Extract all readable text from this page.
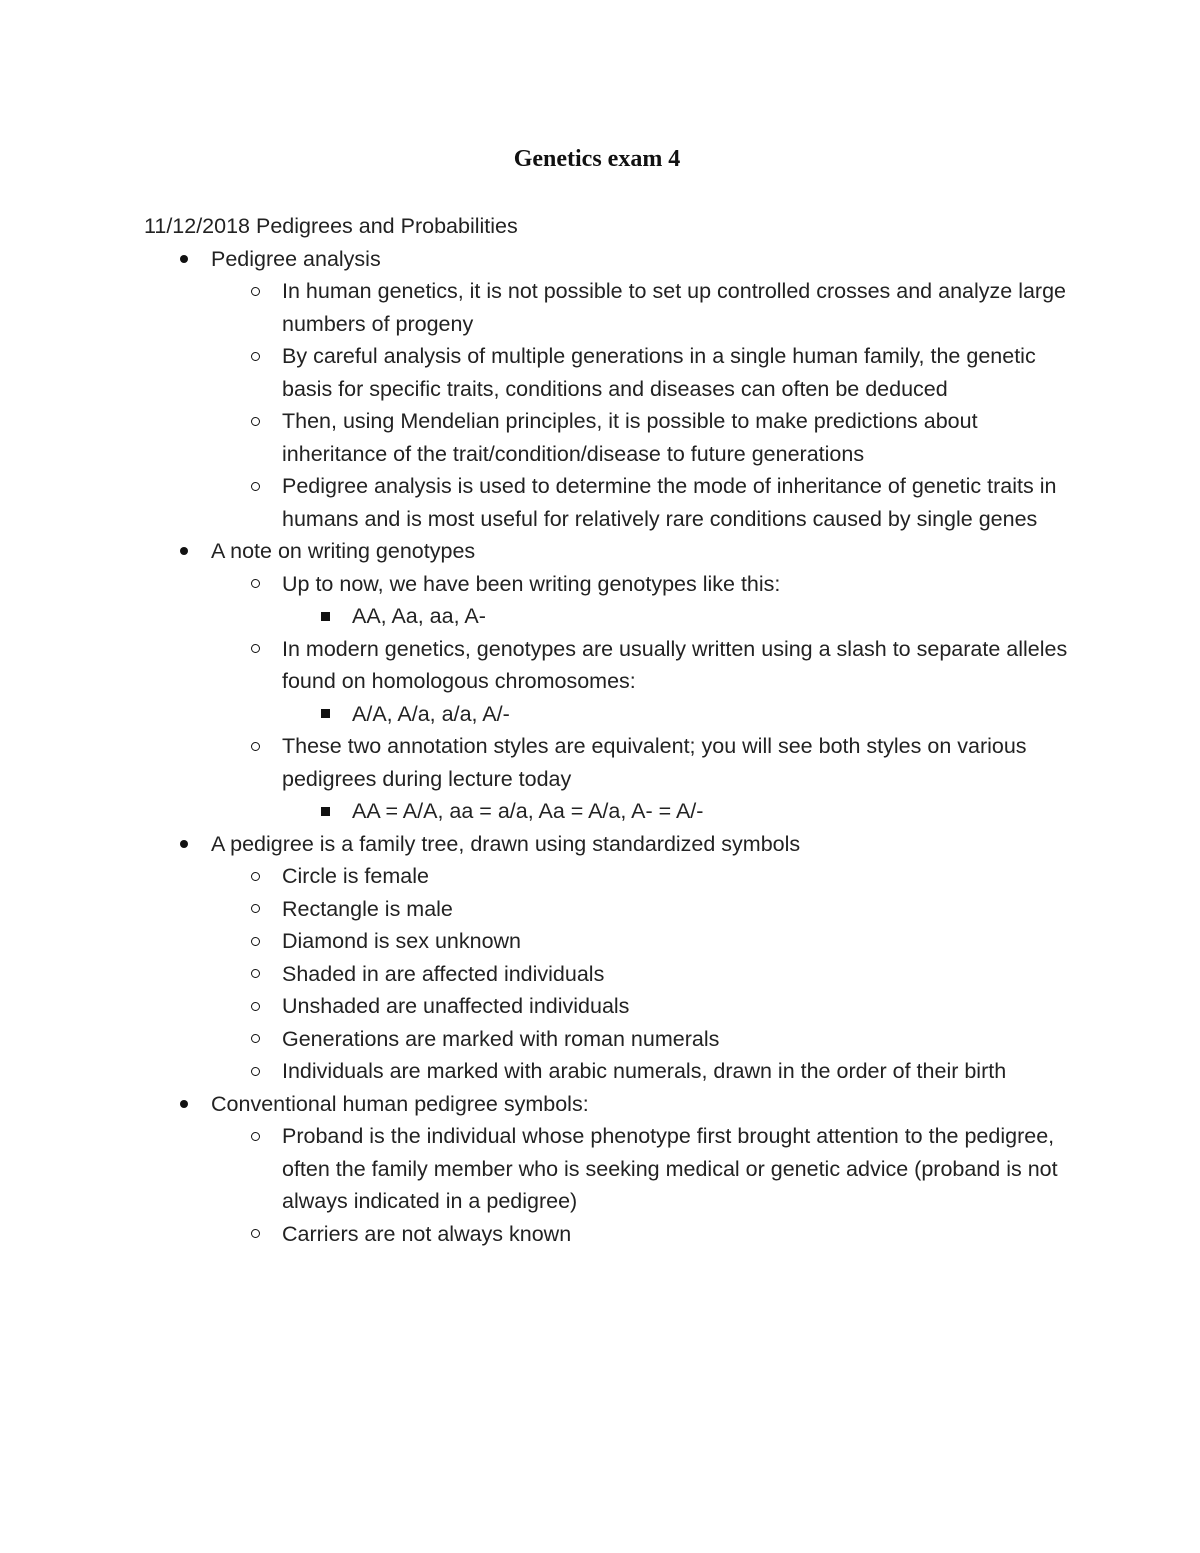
Genetics exam 4
11/12/2018 Pedigrees and Probabilities
Pedigree analysis
In human genetics, it is not possible to set up controlled crosses and analyze large numbers of progeny
By careful analysis of multiple generations in a single human family, the genetic basis for specific traits, conditions and diseases can often be deduced
Then, using Mendelian principles, it is possible to make predictions about inheritance of the trait/condition/disease to future generations
Pedigree analysis is used to determine the mode of inheritance of genetic traits in humans and is most useful for relatively rare conditions caused by single genes
A note on writing genotypes
Up to now, we have been writing genotypes like this:
AA, Aa, aa, A-
In modern genetics, genotypes are usually written using a slash to separate alleles found on homologous chromosomes:
A/A, A/a, a/a, A/-
These two annotation styles are equivalent; you will see both styles on various pedigrees during lecture today
AA = A/A, aa = a/a, Aa = A/a, A- = A/-
A pedigree is a family tree, drawn using standardized symbols
Circle is female
Rectangle is male
Diamond is sex unknown
Shaded in are affected individuals
Unshaded are unaffected individuals
Generations are marked with roman numerals
Individuals are marked with arabic numerals, drawn in the order of their birth
Conventional human pedigree symbols:
Proband is the individual whose phenotype first brought attention to the pedigree, often the family member who is seeking medical or genetic advice (proband is not always indicated in a pedigree)
Carriers are not always known
